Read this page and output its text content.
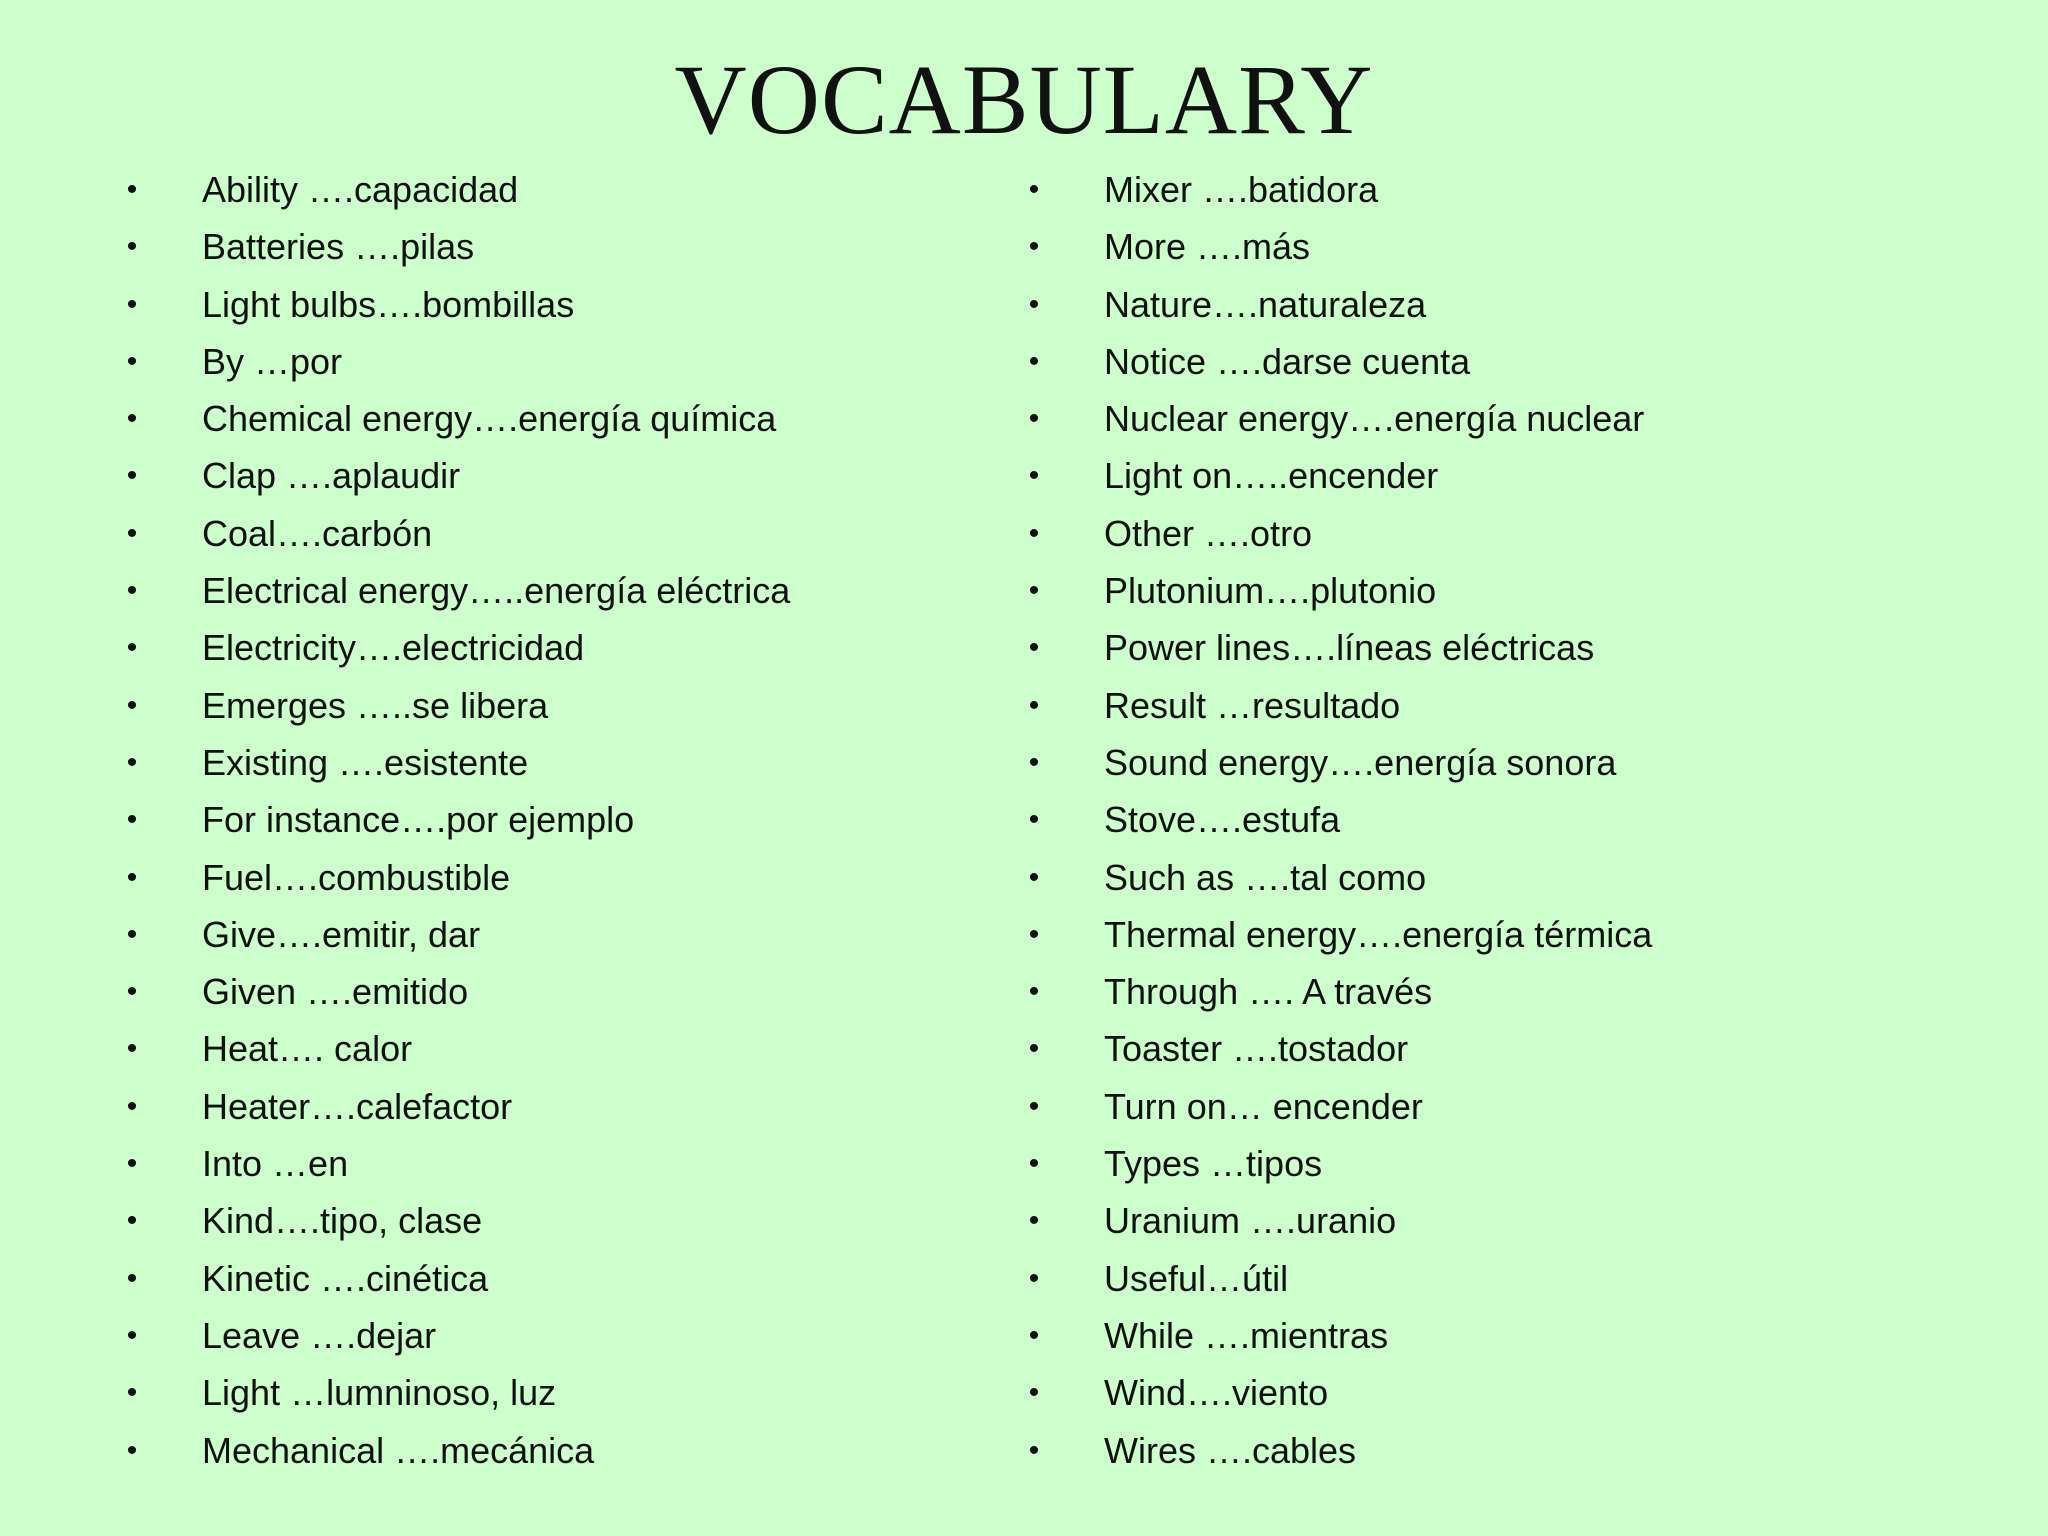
VOCABULARY
• Ability ….capacidad
• Batteries ….pilas
• Light bulbs….bombillas
• By …por
• Chemical energy….energía química
• Clap ….aplaudir
• Coal….carbón
• Electrical energy…..energía eléctrica
• Electricity….electricidad
• Emerges …..se libera
• Existing ….esistente
• For instance….por ejemplo
• Fuel….combustible
• Give….emitir, dar
• Given ….emitido
• Heat…. calor
• Heater….calefactor
• Into …en
• Kind….tipo, clase
• Kinetic ….cinética
• Leave ….dejar
• Light …lumninoso, luz
• Mechanical ….mecánica
• Mixer ….batidora
• More ….más
• Nature….naturaleza
• Notice ….darse cuenta
• Nuclear energy….energía nuclear
• Light on…..encender
• Other ….otro
• Plutonium….plutonio
• Power lines….líneas eléctricas
• Result …resultado
• Sound energy….energía sonora
• Stove….estufa
• Such as ….tal como
• Thermal energy….energía térmica
• Through …. A través
• Toaster ….tostador
• Turn on… encender
• Types …tipos
• Uranium ….uranio
• Useful…útil
• While ….mientras
• Wind….viento
• Wires ….cables
